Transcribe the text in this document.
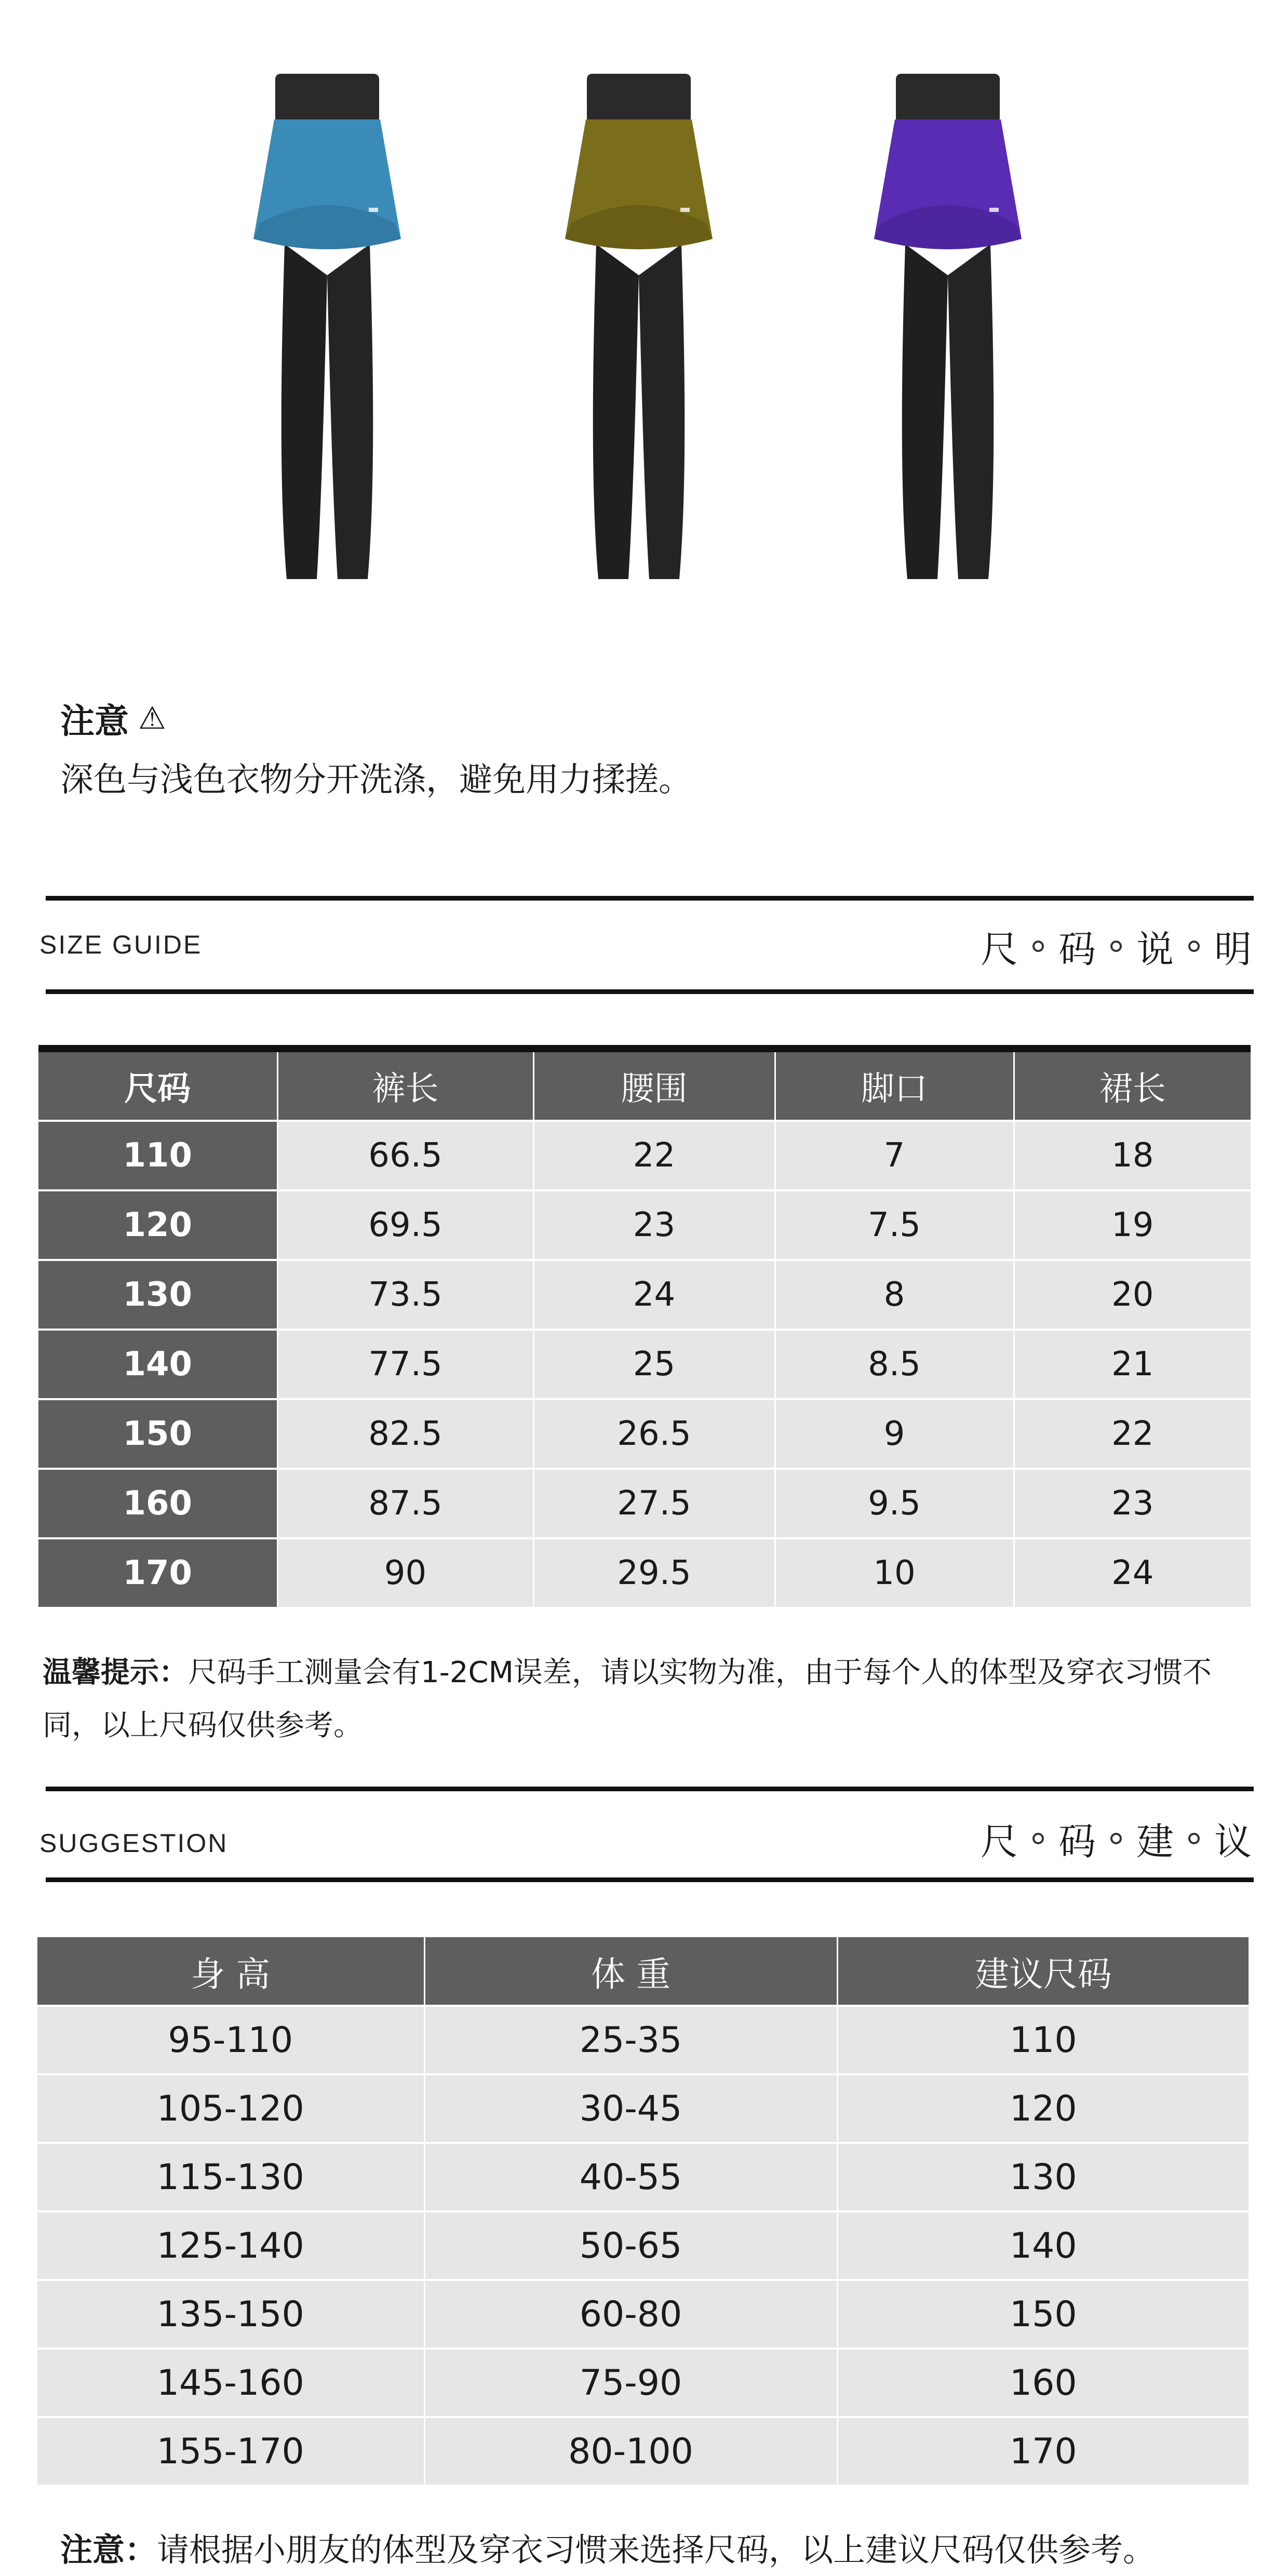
注意 ⚠
深色与浅色衣物分开洗涤，避免用力揉搓。
SIZE GUIDE	尺 码 说 明
尺码	裤长	腰围	脚口	裙长
110	66.5	22	7	18
120	69.5	23	7.5	19
130	73.5	24	8	20
140	77.5	25	8.5	21
150	82.5	26.5	9	22
160	87.5	27.5	9.5	23
170	90	29.5	10	24
温馨提示：尺码手工测量会有1-2CM误差，请以实物为准，由于每个人的体型及穿衣习惯不同，以上尺码仅供参考。
SUGGESTION	尺 码 建 议
身 高	体 重	建议尺码
95-110	25-35	110
105-120	30-45	120
115-130	40-55	130
125-140	50-65	140
135-150	60-80	150
145-160	75-90	160
155-170	80-100	170
注意：请根据小朋友的体型及穿衣习惯来选择尺码，以上建议尺码仅供参考。
